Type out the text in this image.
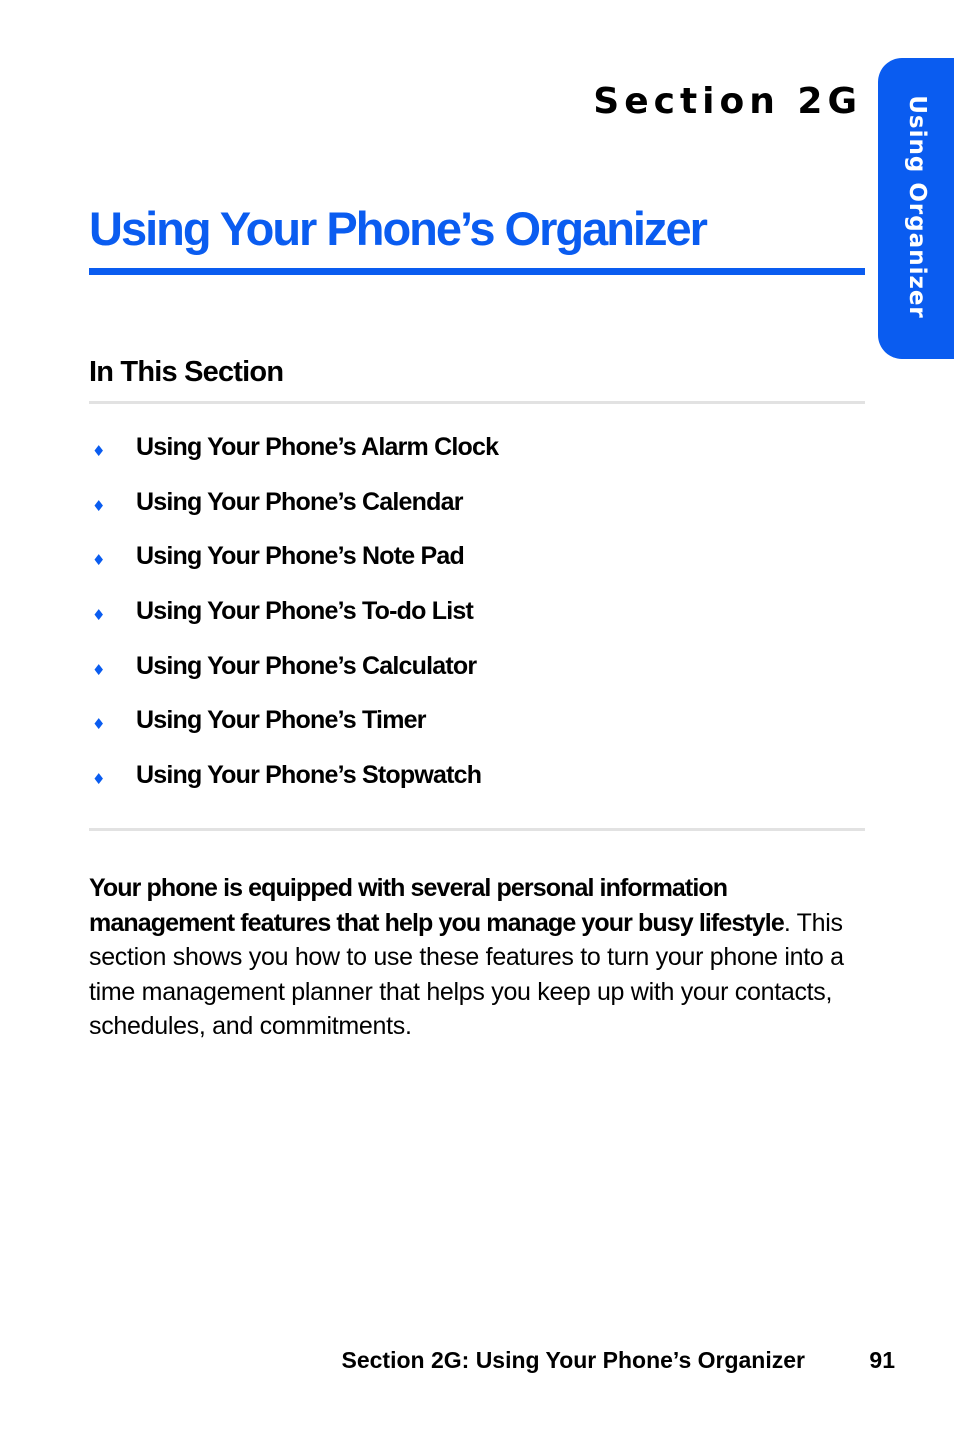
Section 2G Using Organizer
Using Your Phone’s Organizer
In This Section
♦ Using Your Phone’s Alarm Clock
♦ Using Your Phone’s Calendar
♦ Using Your Phone’s Note Pad
♦ Using Your Phone’s To-do List
♦ Using Your Phone’s Calculator
♦ Using Your Phone’s Timer
♦ Using Your Phone’s Stopwatch

Your phone is equipped with several personal information management features that help you manage your busy lifestyle. This section shows you how to use these features to turn your phone into a time management planner that helps you keep up with your contacts, schedules, and commitments.

Section 2G: Using Your Phone’s Organizer	91
